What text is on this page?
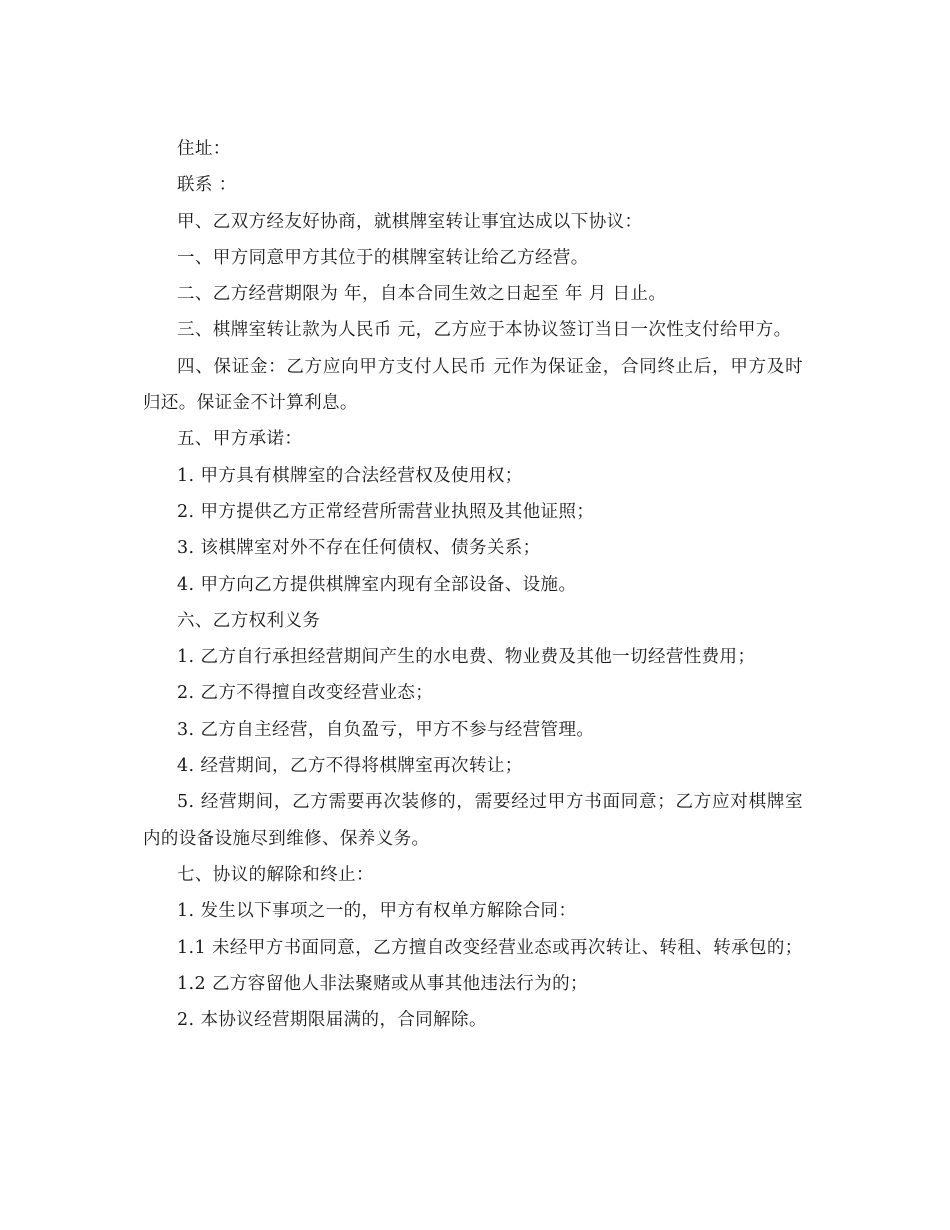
住址：

联系 ：

甲、乙双方经友好协商，就棋牌室转让事宜达成以下协议：

一、甲方同意甲方其位于的棋牌室转让给乙方经营。

二、乙方经营期限为 年，自本合同生效之日起至 年 月 日止。

三、棋牌室转让款为人民币 元，乙方应于本协议签订当日一次性支付给甲方。

四、保证金：乙方应向甲方支付人民币 元作为保证金，合同终止后，甲方及时归还。保证金不计算利息。

五、甲方承诺：

1. 甲方具有棋牌室的合法经营权及使用权；

2. 甲方提供乙方正常经营所需营业执照及其他证照；

3. 该棋牌室对外不存在任何债权、债务关系；

4. 甲方向乙方提供棋牌室内现有全部设备、设施。

六、乙方权利义务

1. 乙方自行承担经营期间产生的水电费、物业费及其他一切经营性费用；

2. 乙方不得擅自改变经营业态；

3. 乙方自主经营，自负盈亏，甲方不参与经营管理。

4. 经营期间，乙方不得将棋牌室再次转让；

5. 经营期间，乙方需要再次装修的，需要经过甲方书面同意；乙方应对棋牌室内的设备设施尽到维修、保养义务。

七、协议的解除和终止：

1. 发生以下事项之一的，甲方有权单方解除合同：

1.1 未经甲方书面同意，乙方擅自改变经营业态或再次转让、转租、转承包的；

1.2 乙方容留他人非法聚赌或从事其他违法行为的；

2. 本协议经营期限届满的，合同解除。
